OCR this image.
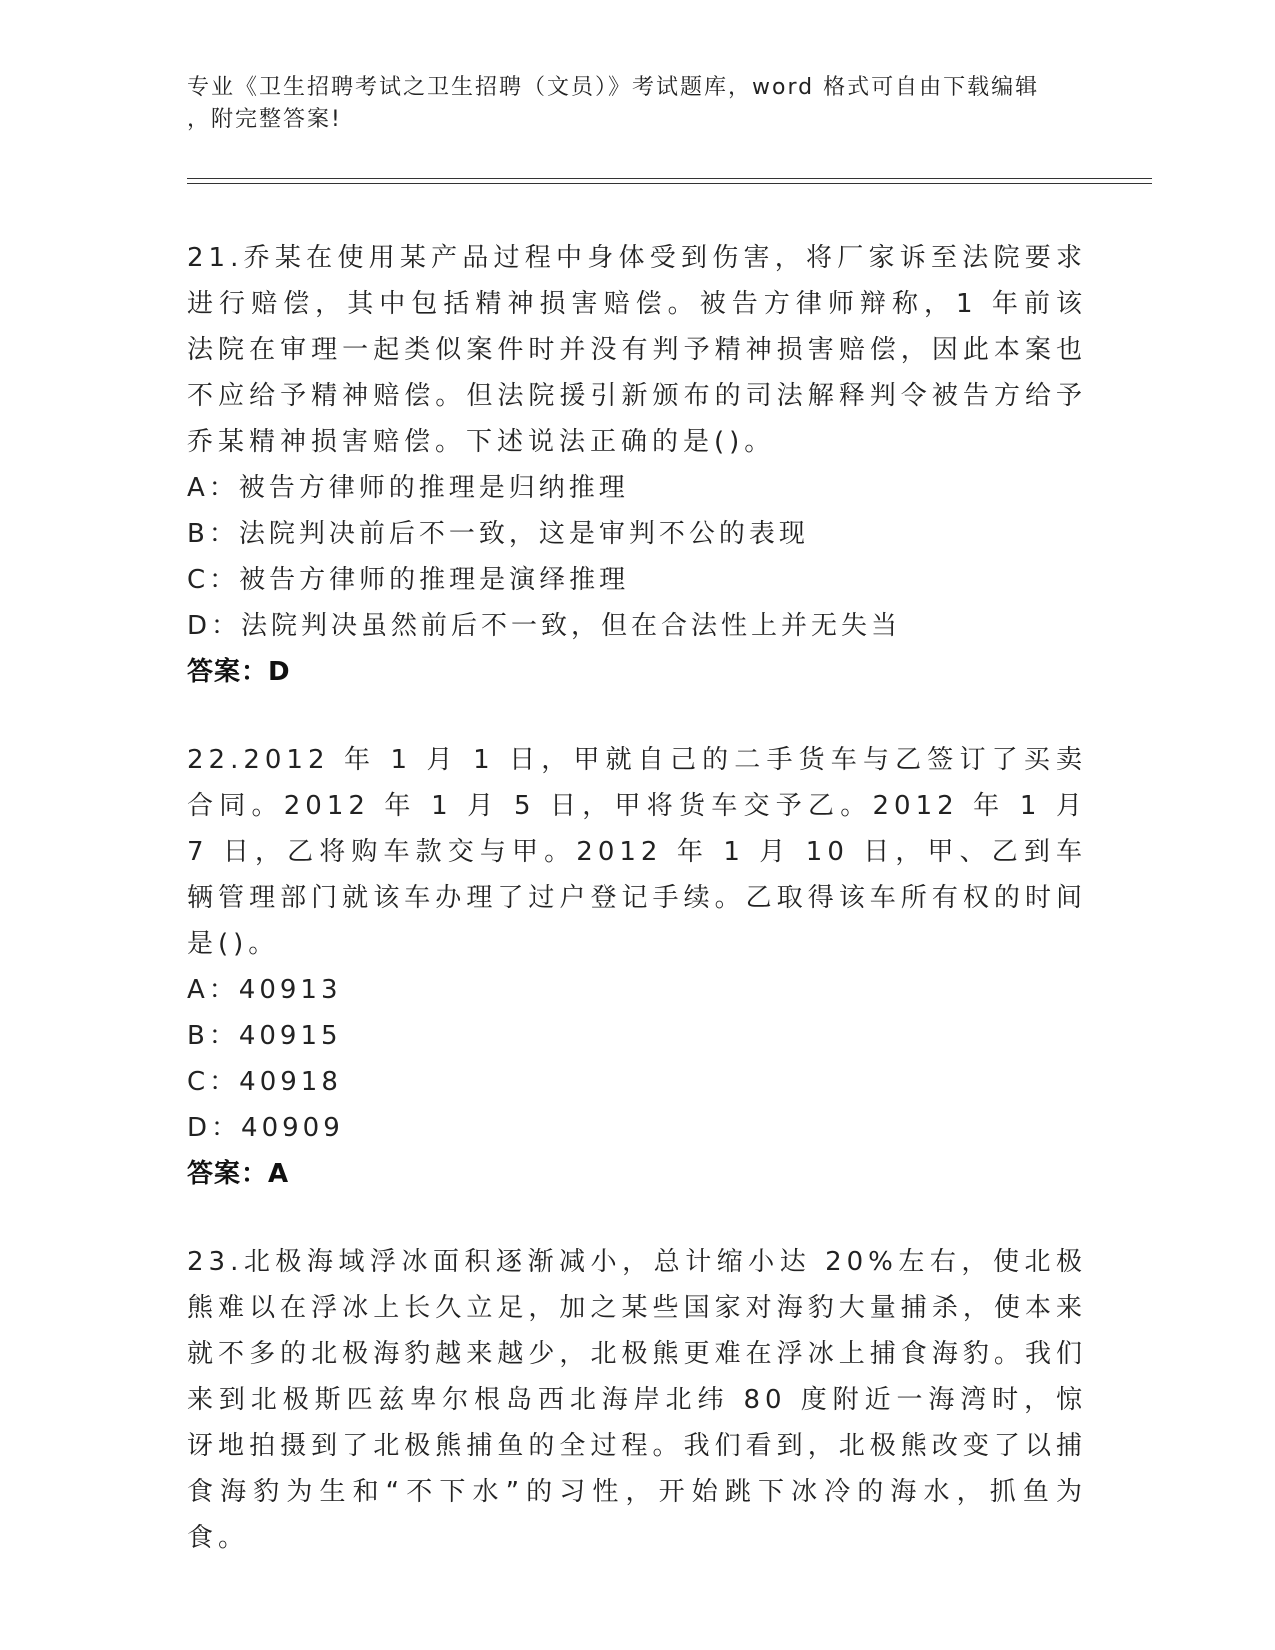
专业《卫生招聘考试之卫生招聘（文员）》考试题库，word 格式可自由下载编辑
，附完整答案!
21.乔某在使用某产品过程中身体受到伤害，将厂家诉至法院要求进行赔偿，其中包括精神损害赔偿。被告方律师辩称，1 年前该法院在审理一起类似案件时并没有判予精神损害赔偿，因此本案也不应给予精神赔偿。但法院援引新颁布的司法解释判令被告方给予乔某精神损害赔偿。下述说法正确的是()。
A：被告方律师的推理是归纳推理
B：法院判决前后不一致，这是审判不公的表现
C：被告方律师的推理是演绎推理
D：法院判决虽然前后不一致，但在合法性上并无失当
答案：D
22.2012 年 1 月 1 日，甲就自己的二手货车与乙签订了买卖合同。2012 年 1 月 5 日，甲将货车交予乙。2012 年 1 月 7 日，乙将购车款交与甲。2012 年 1 月 10 日，甲、乙到车辆管理部门就该车办理了过户登记手续。乙取得该车所有权的时间是()。
A：40913
B：40915
C：40918
D：40909
答案：A
23.北极海域浮冰面积逐渐减小，总计缩小达 20%左右，使北极熊难以在浮冰上长久立足，加之某些国家对海豹大量捕杀，使本来就不多的北极海豹越来越少，北极熊更难在浮冰上捕食海豹。我们来到北极斯匹兹卑尔根岛西北海岸北纬 80 度附近一海湾时，惊讶地拍摄到了北极熊捕鱼的全过程。我们看到，北极熊改变了以捕食海豹为生和“不下水”的习性，开始跳下冰冷的海水，抓鱼为食。
